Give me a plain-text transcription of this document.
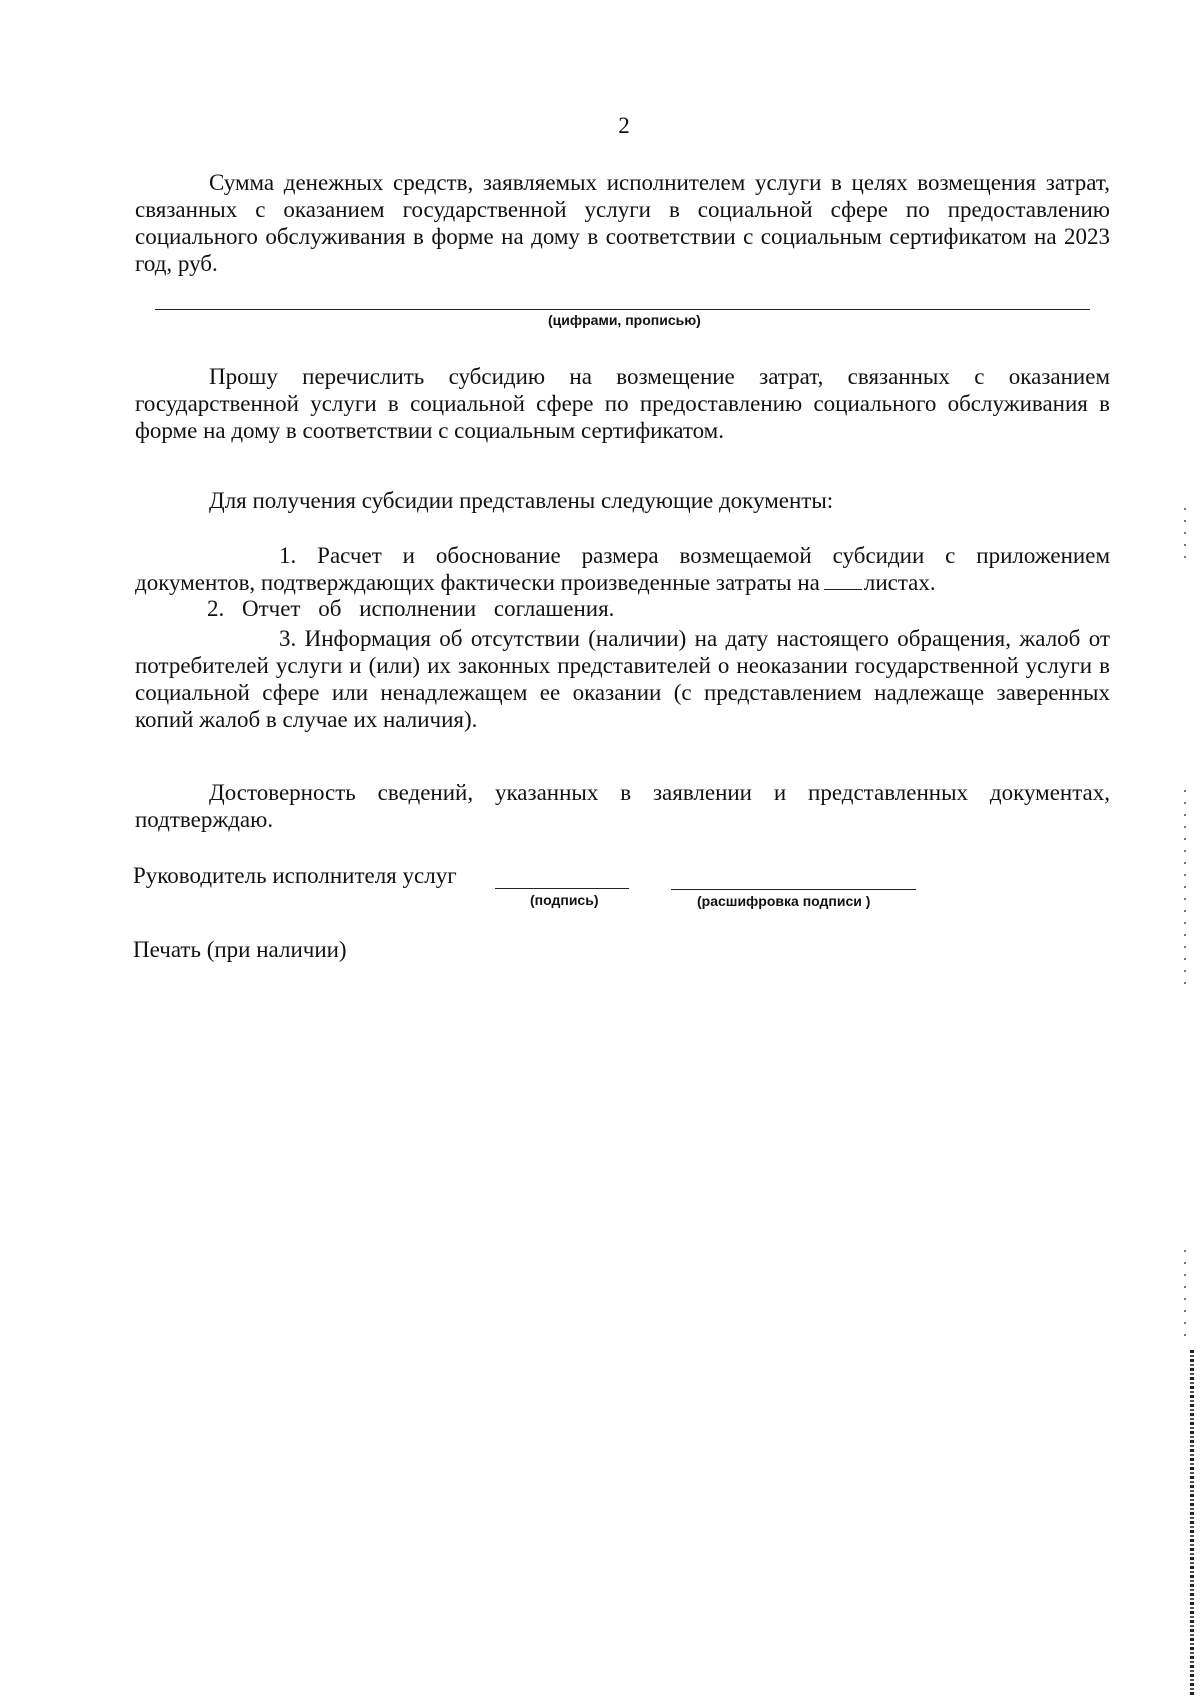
2
Сумма денежных средств, заявляемых исполнителем услуги в целях возмещения затрат, связанных с оказанием государственной услуги в социальной сфере по предоставлению социального обслуживания в форме на дому в соответствии с социальным сертификатом на 2023 год, руб.
(цифрами, прописью)
Прошу перечислить субсидию на возмещение затрат, связанных с оказанием государственной услуги в социальной сфере по предоставлению социального обслуживания в форме на дому в соответствии с социальным сертификатом.
Для получения субсидии представлены следующие документы:
1. Расчет и обоснование размера возмещаемой субсидии с приложением документов, подтверждающих фактически произведенные затраты на листах.
2. Отчет об исполнении соглашения.
3. Информация об отсутствии (наличии) на дату настоящего обращения, жалоб от потребителей услуги и (или) их законных представителей о неоказании государственной услуги в социальной сфере или ненадлежащем ее оказании (с представлением надлежаще заверенных копий жалоб в случае их наличия).
Достоверность сведений, указанных в заявлении и представленных документах, подтверждаю.
Руководитель исполнителя услуг
(подпись)	(расшифровка подписи )
Печать (при наличии)
